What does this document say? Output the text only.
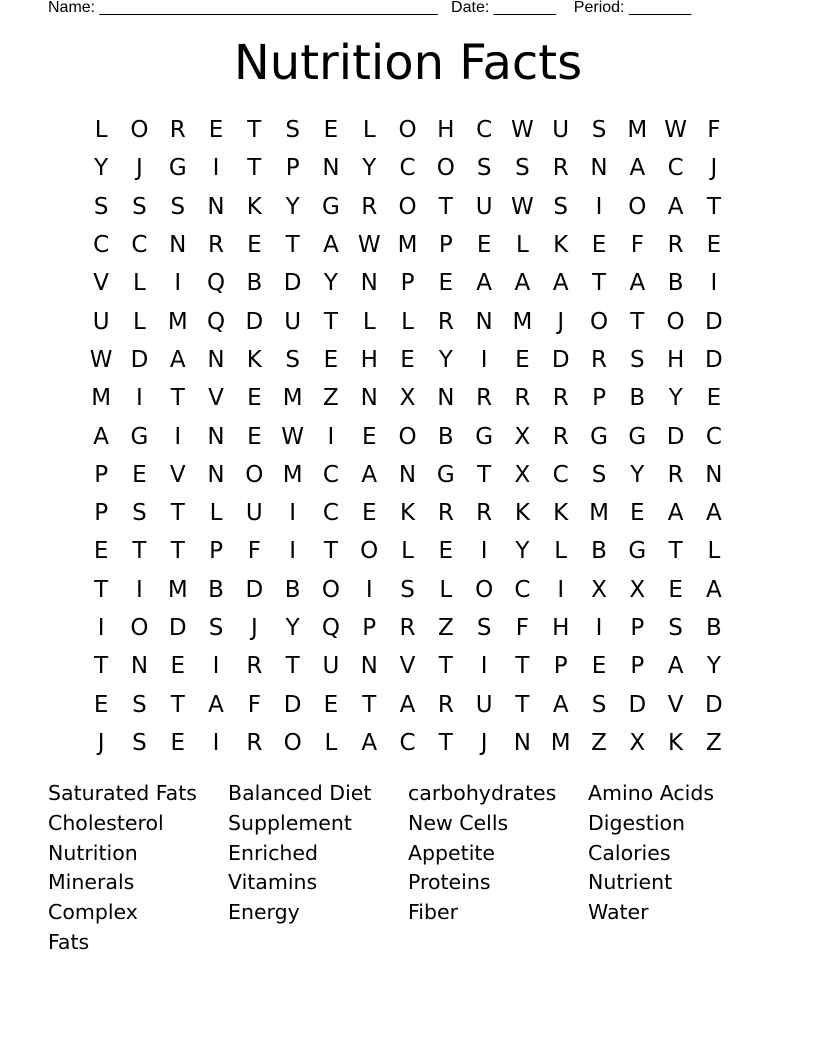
Name: ______________________________________   Date: _______    Period: _______
Nutrition Facts
L O R	E	T	S	E	L O H C W U S M W F
Y	J	G	I	T	P N Y	C O S	S	R N A C	J
S	S	S N K	Y G R O T U W S	I	O A	T
C C N R	E	T	A W M P	E	L	K	E	F	R	E
V	L	I	Q B D Y N P	E	A A A	T	A B	I
U	L M Q D U T	L	L	R N M	J	O T O D
W D A N K	S	E H E	Y	I	E D R	S H D
M	I	T	V	E M Z N X N R R R	P	B	Y	E
A G	I	N E W	I	E O B G X R G G D C
P	E	V N O M C A N G T	X C S	Y	R N
P	S	T	L	U	I	C	E	K R R K	K M E	A A
E	T	T	P	F	I	T O L	E	I	Y	L	B G T	L
T	I	M B D B O	I	S	L O C	I	X X	E	A
I	O D S	J	Y Q P	R Z	S	F	H	I	P	S	B
T N E	I	R	T U N V	T	I	T	P	E	P	A	Y
E	S	T	A	F D E	T	A R U T	A	S D V D
J	S	E	I	R O L	A C	T	J	N M Z X K Z
Saturated Fats	Balanced Diet	carbohydrates	Amino Acids
Cholesterol	Supplement	New Cells	Digestion
Nutrition	Enriched	Appetite	Calories
Minerals	Vitamins	Proteins	Nutrient
Complex	Energy	Fiber	Water
Fats
